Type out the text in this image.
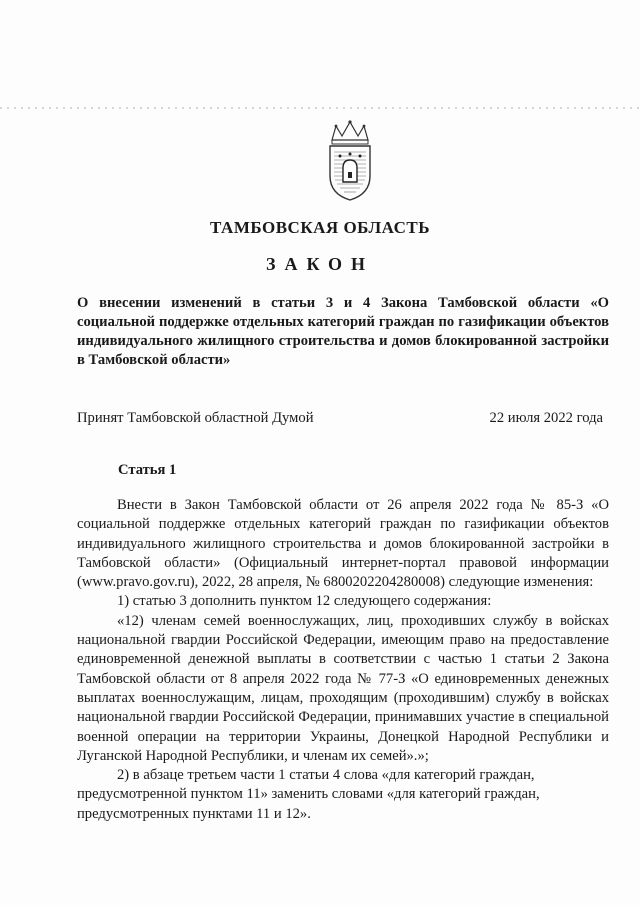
ТАМБОВСКАЯ ОБЛАСТЬ
ЗАКОН
О внесении изменений в статьи 3 и 4 Закона Тамбовской области «О социальной поддержке отдельных категорий граждан по газификации объектов индивидуального жилищного строительства и домов блокированной застройки в Тамбовской области»
Принят Тамбовской областной Думой	22 июля 2022 года
Статья 1

Внести в Закон Тамбовской области от 26 апреля 2022 года № 85-З «О социальной поддержке отдельных категорий граждан по газификации объектов индивидуального жилищного строительства и домов блокированной застройки в Тамбовской области» (Официальный интернет-портал правовой информации (www.pravo.gov.ru), 2022, 28 апреля, № 6800202204280008) следующие изменения:

1) статью 3 дополнить пунктом 12 следующего содержания:

«12) членам семей военнослужащих, лиц, проходивших службу в войсках национальной гвардии Российской Федерации, имеющим право на предоставление единовременной денежной выплаты в соответствии с частью 1 статьи 2 Закона Тамбовской области от 8 апреля 2022 года № 77-З «О единовременных денежных выплатах военнослужащим, лицам, проходящим (проходившим) службу в войсках национальной гвардии Российской Федерации, принимавших участие в специальной военной операции на территории Украины, Донецкой Народной Республики и Луганской Народной Республики, и членам их семей».»;

2) в абзаце третьем части 1 статьи 4 слова «для категорий граждан, предусмотренной пунктом 11» заменить словами «для категорий граждан, предусмотренных пунктами 11 и 12».
